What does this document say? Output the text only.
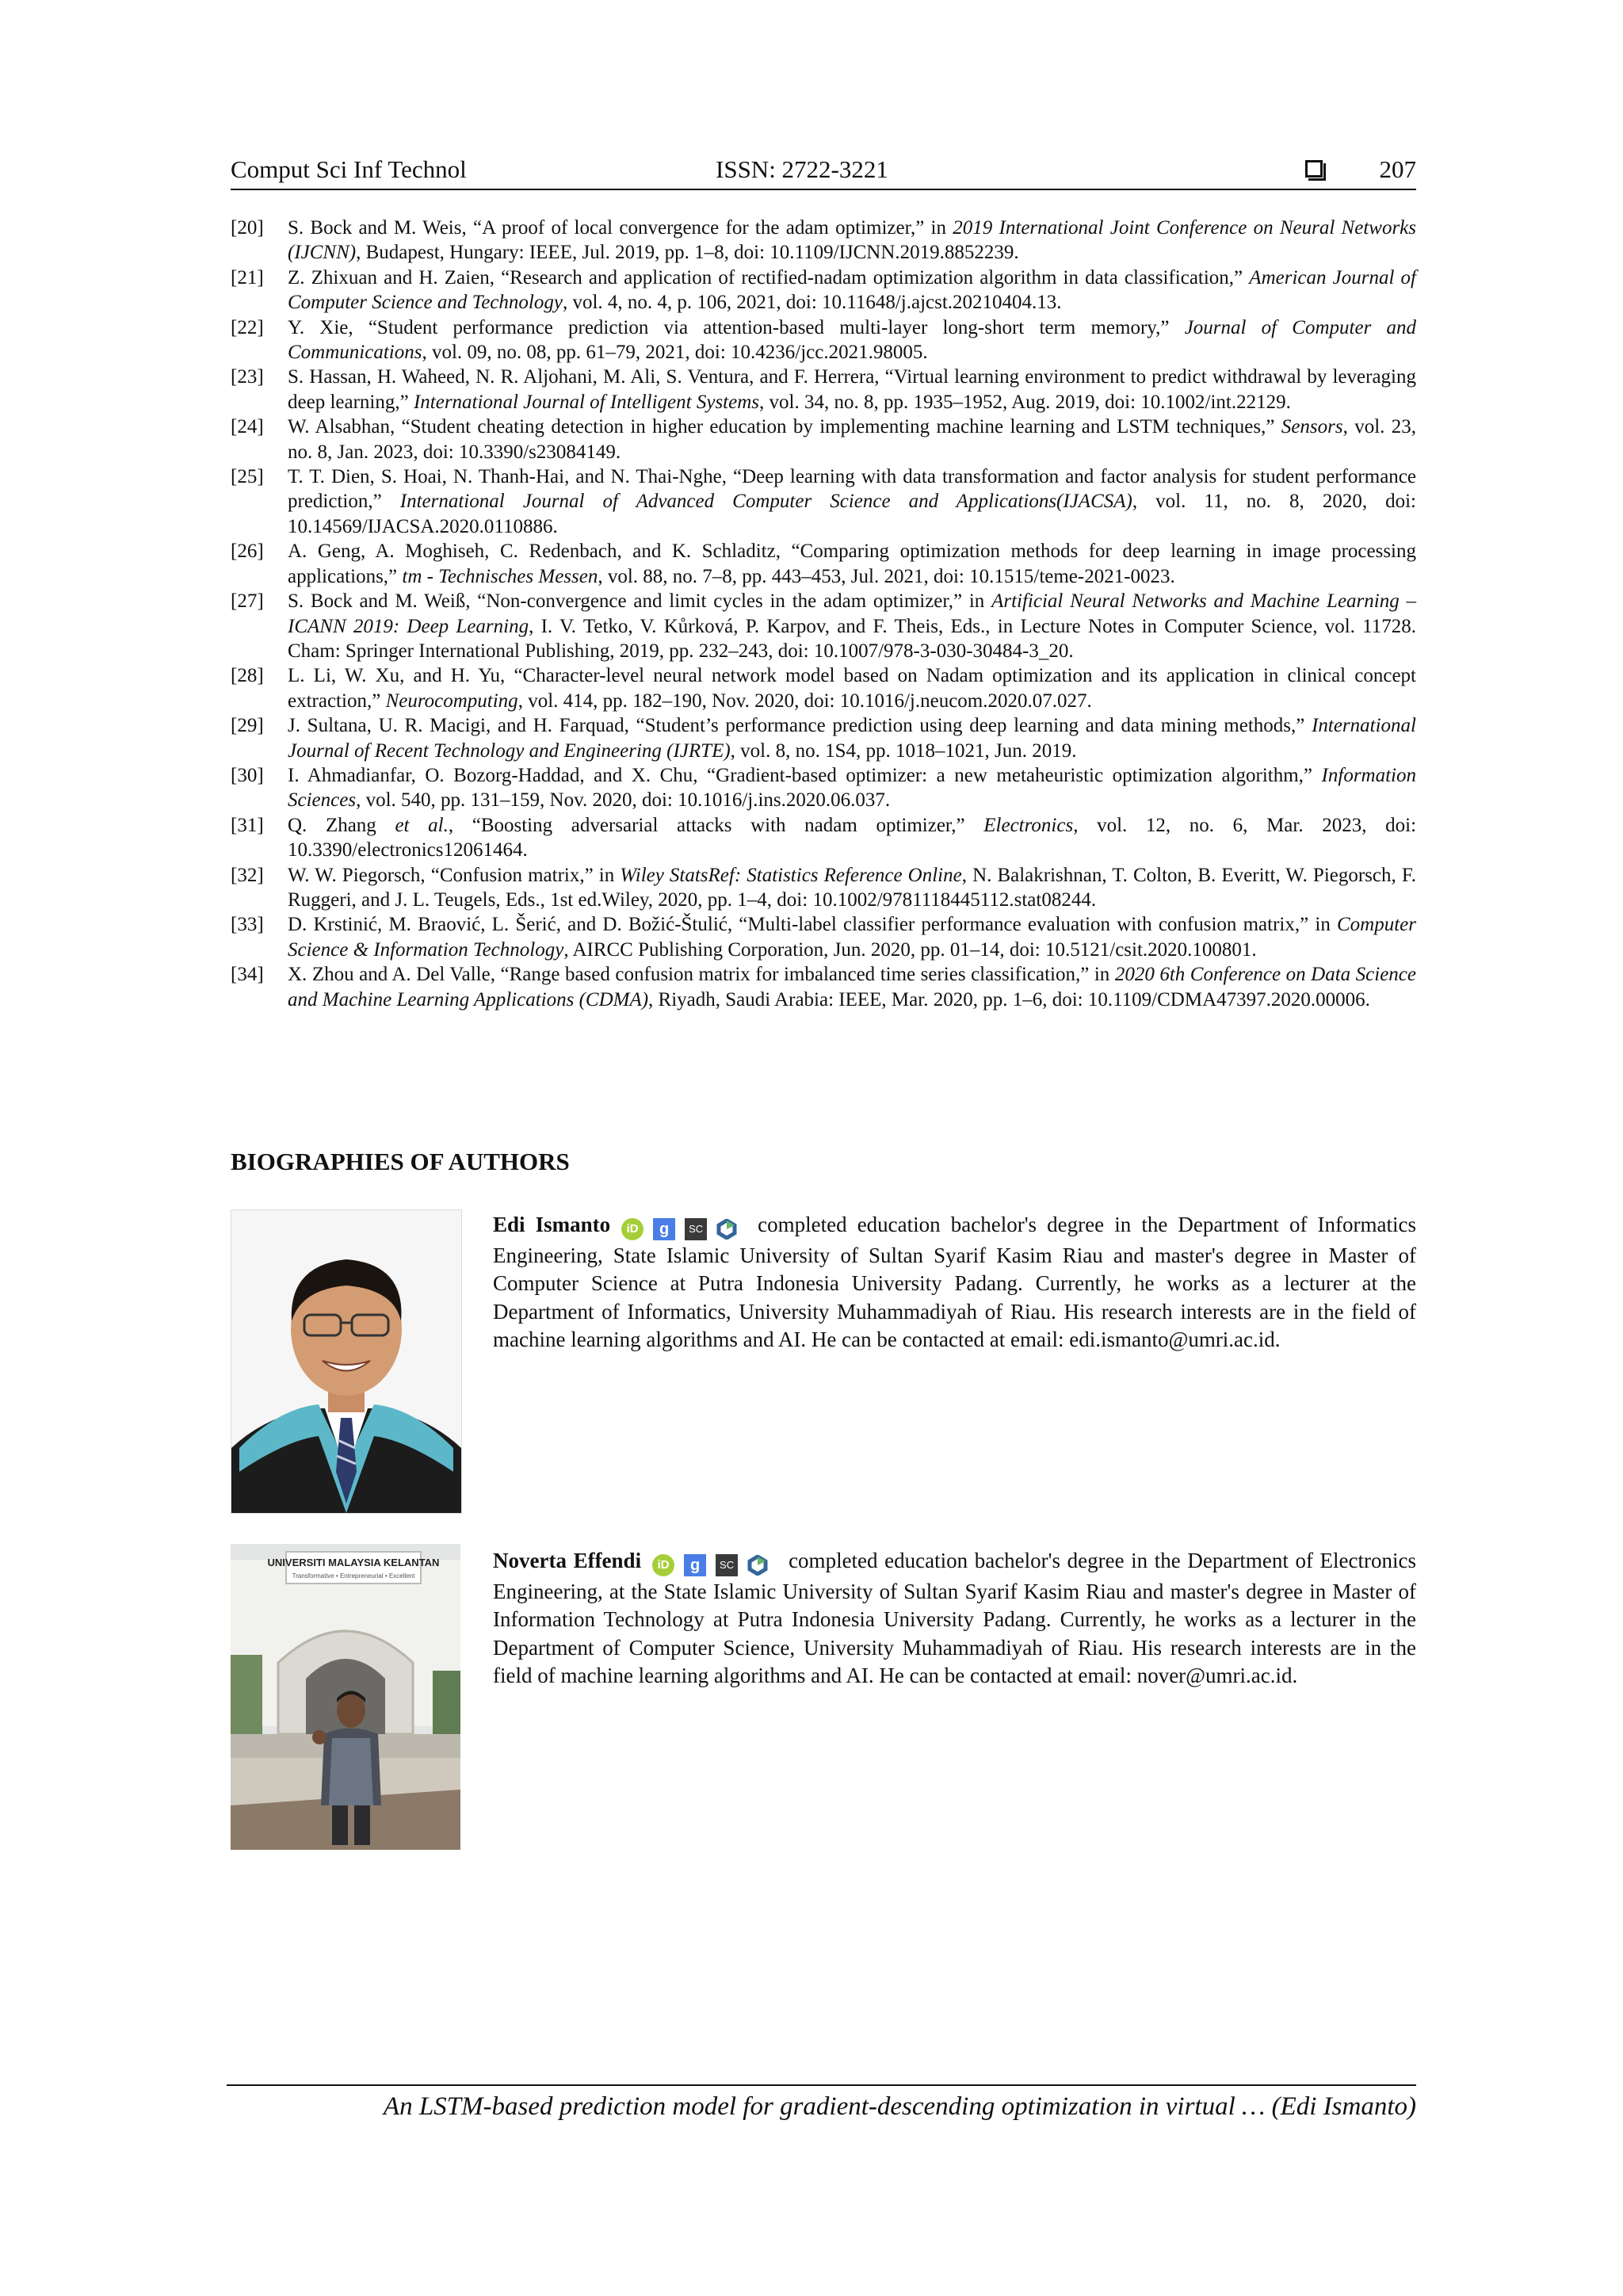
Comput Sci Inf Technol	ISSN: 2722-3221	207
[20] S. Bock and M. Weis, “A proof of local convergence for the adam optimizer,” in 2019 International Joint Conference on Neural Networks (IJCNN), Budapest, Hungary: IEEE, Jul. 2019, pp. 1–8, doi: 10.1109/IJCNN.2019.8852239.
[21] Z. Zhixuan and H. Zaien, “Research and application of rectified-nadam optimization algorithm in data classification,” American Journal of Computer Science and Technology, vol. 4, no. 4, p. 106, 2021, doi: 10.11648/j.ajcst.20210404.13.
[22] Y. Xie, “Student performance prediction via attention-based multi-layer long-short term memory,” Journal of Computer and Communications, vol. 09, no. 08, pp. 61–79, 2021, doi: 10.4236/jcc.2021.98005.
[23] S. Hassan, H. Waheed, N. R. Aljohani, M. Ali, S. Ventura, and F. Herrera, “Virtual learning environment to predict withdrawal by leveraging deep learning,” International Journal of Intelligent Systems, vol. 34, no. 8, pp. 1935–1952, Aug. 2019, doi: 10.1002/int.22129.
[24] W. Alsabhan, “Student cheating detection in higher education by implementing machine learning and LSTM techniques,” Sensors, vol. 23, no. 8, Jan. 2023, doi: 10.3390/s23084149.
[25] T. T. Dien, S. Hoai, N. Thanh-Hai, and N. Thai-Nghe, “Deep learning with data transformation and factor analysis for student performance prediction,” International Journal of Advanced Computer Science and Applications(IJACSA), vol. 11, no. 8, 2020, doi: 10.14569/IJACSA.2020.0110886.
[26] A. Geng, A. Moghiseh, C. Redenbach, and K. Schladitz, “Comparing optimization methods for deep learning in image processing applications,” tm - Technisches Messen, vol. 88, no. 7–8, pp. 443–453, Jul. 2021, doi: 10.1515/teme-2021-0023.
[27] S. Bock and M. Weiß, “Non-convergence and limit cycles in the adam optimizer,” in Artificial Neural Networks and Machine Learning – ICANN 2019: Deep Learning, I. V. Tetko, V. Kůrková, P. Karpov, and F. Theis, Eds., in Lecture Notes in Computer Science, vol. 11728. Cham: Springer International Publishing, 2019, pp. 232–243, doi: 10.1007/978-3-030-30484-3_20.
[28] L. Li, W. Xu, and H. Yu, “Character-level neural network model based on Nadam optimization and its application in clinical concept extraction,” Neurocomputing, vol. 414, pp. 182–190, Nov. 2020, doi: 10.1016/j.neucom.2020.07.027.
[29] J. Sultana, U. R. Macigi, and H. Farquad, “Student’s performance prediction using deep learning and data mining methods,” International Journal of Recent Technology and Engineering (IJRTE), vol. 8, no. 1S4, pp. 1018–1021, Jun. 2019.
[30] I. Ahmadianfar, O. Bozorg-Haddad, and X. Chu, “Gradient-based optimizer: a new metaheuristic optimization algorithm,” Information Sciences, vol. 540, pp. 131–159, Nov. 2020, doi: 10.1016/j.ins.2020.06.037.
[31] Q. Zhang et al., “Boosting adversarial attacks with nadam optimizer,” Electronics, vol. 12, no. 6, Mar. 2023, doi: 10.3390/electronics12061464.
[32] W. W. Piegorsch, “Confusion matrix,” in Wiley StatsRef: Statistics Reference Online, N. Balakrishnan, T. Colton, B. Everitt, W. Piegorsch, F. Ruggeri, and J. L. Teugels, Eds., 1st ed.Wiley, 2020, pp. 1–4, doi: 10.1002/9781118445112.stat08244.
[33] D. Krstinić, M. Braović, L. Šerić, and D. Božić-Štulić, “Multi-label classifier performance evaluation with confusion matrix,” in Computer Science & Information Technology, AIRCC Publishing Corporation, Jun. 2020, pp. 01–14, doi: 10.5121/csit.2020.100801.
[34] X. Zhou and A. Del Valle, “Range based confusion matrix for imbalanced time series classification,” in 2020 6th Conference on Data Science and Machine Learning Applications (CDMA), Riyadh, Saudi Arabia: IEEE, Mar. 2020, pp. 1–6, doi: 10.1109/CDMA47397.2020.00006.
BIOGRAPHIES OF AUTHORS
Edi Ismanto iD g SC	completed education bachelor's degree in the Department of Informatics Engineering, State Islamic University of Sultan Syarif Kasim Riau and master's degree in Master of Computer Science at Putra Indonesia University Padang. Currently, he works as a lecturer at the Department of Informatics, University Muhammadiyah of Riau. His research interests are in the field of machine learning algorithms and AI. He can be contacted at email: edi.ismanto@umri.ac.id.
UNIVERSITI MALAYSIA KELANTAN
Transformative • Entrepreneurial • Excellent
Noverta Effendi iD g SC	completed education bachelor's degree in the Department of Electronics Engineering, at the State Islamic University of Sultan Syarif Kasim Riau and master's degree in Master of Information Technology at Putra Indonesia University Padang. Currently, he works as a lecturer in the Department of Computer Science, University Muhammadiyah of Riau. His research interests are in the field of machine learning algorithms and AI. He can be contacted at email: nover@umri.ac.id.
An LSTM-based prediction model for gradient-descending optimization in virtual … (Edi Ismanto)
